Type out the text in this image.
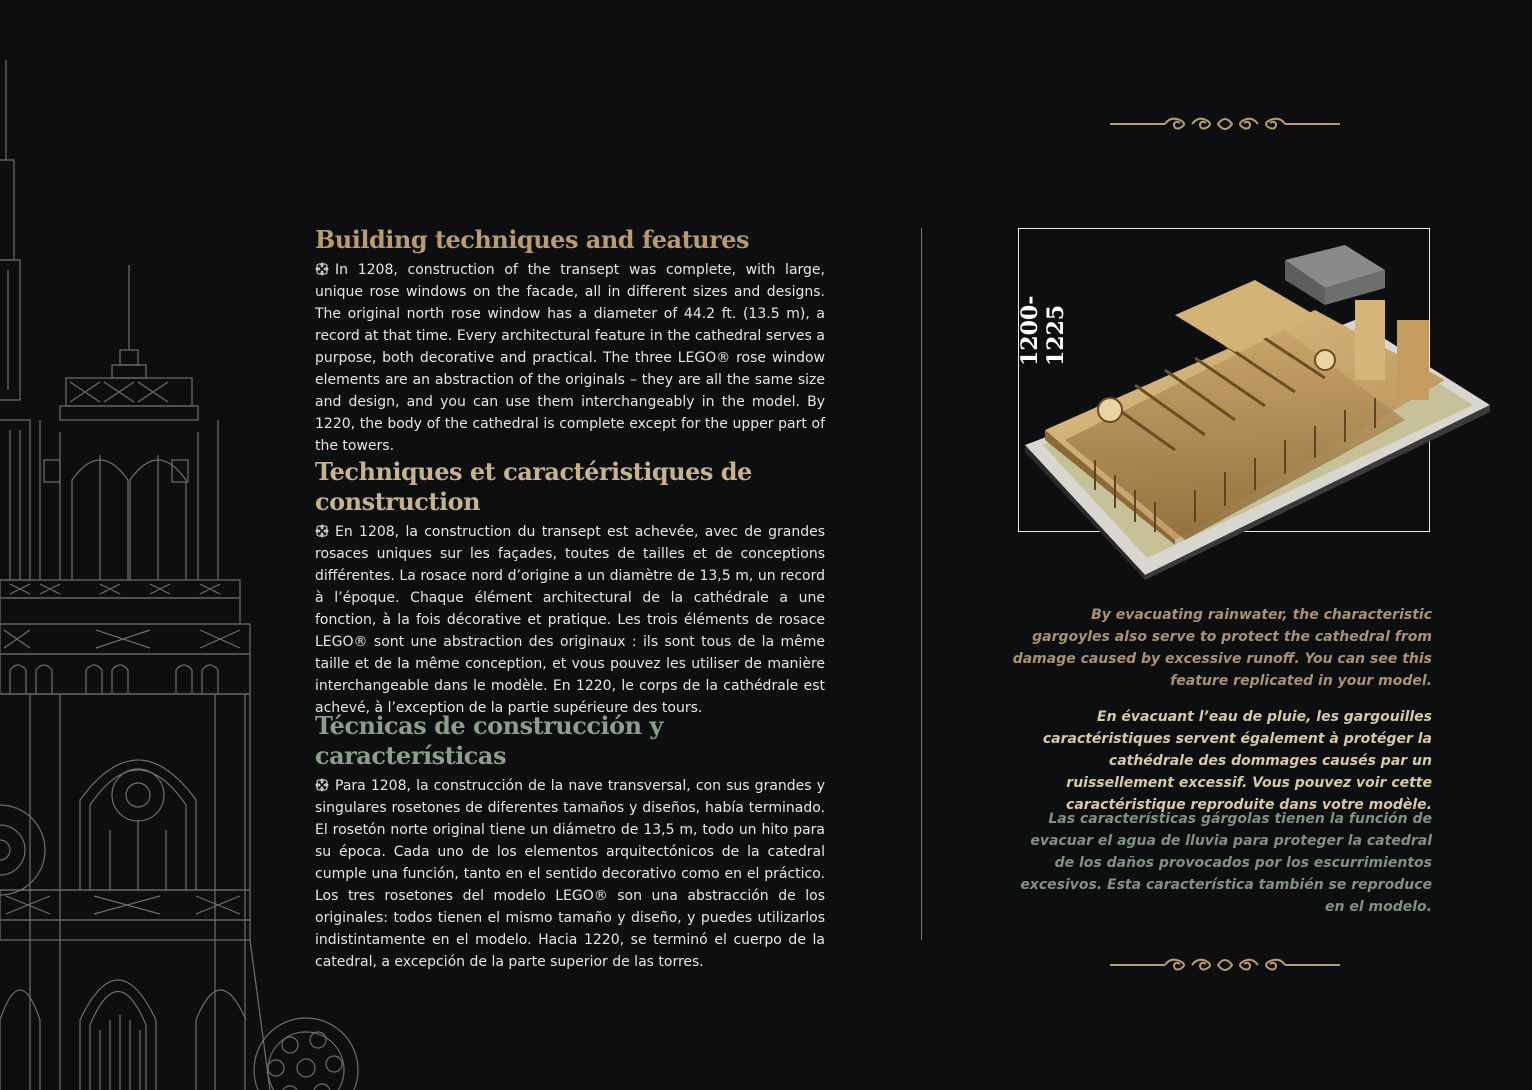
Building techniques and features

In 1208, construction of the transept was complete, with large, unique rose windows on the facade, all in different sizes and designs. The original north rose window has a diameter of 44.2 ft. (13.5 m), a record at that time. Every architectural feature in the cathedral serves a purpose, both decorative and practical. The three LEGO® rose window elements are an abstraction of the originals – they are all the same size and design, and you can use them interchangeably in the model. By 1220, the body of the cathedral is complete except for the upper part of the towers.

Techniques et caractéristiques de construction

En 1208, la construction du transept est achevée, avec de grandes rosaces uniques sur les façades, toutes de tailles et de conceptions différentes. La rosace nord d’origine a un diamètre de 13,5 m, un record à l’époque. Chaque élément architectural de la cathédrale a une fonction, à la fois décorative et pratique. Les trois éléments de rosace LEGO® sont une abstraction des originaux : ils sont tous de la même taille et de la même conception, et vous pouvez les utiliser de manière interchangeable dans le modèle. En 1220, le corps de la cathédrale est achevé, à l’exception de la partie supérieure des tours.

Técnicas de construcción y características

Para 1208, la construcción de la nave transversal, con sus grandes y singulares rosetones de diferentes tamaños y diseños, había terminado. El rosetón norte original tiene un diámetro de 13,5 m, todo un hito para su época. Cada uno de los elementos arquitectónicos de la catedral cumple una función, tanto en el sentido decorativo como en el práctico. Los tres rosetones del modelo LEGO® son una abstracción de los originales: todos tienen el mismo tamaño y diseño, y puedes utilizarlos indistintamente en el modelo. Hacia 1220, se terminó el cuerpo de la catedral, a excepción de la parte superior de las torres.

1200-1225

By evacuating rainwater, the characteristic gargoyles also serve to protect the cathedral from damage caused by excessive runoff. You can see this feature replicated in your model.

En évacuant l’eau de pluie, les gargouilles caractéristiques servent également à protéger la cathédrale des dommages causés par un ruissellement excessif. Vous pouvez voir cette caractéristique reproduite dans votre modèle.

Las características gárgolas tienen la función de evacuar el agua de lluvia para proteger la catedral de los daños provocados por los escurrimientos excesivos. Esta característica también se reproduce en el modelo.
